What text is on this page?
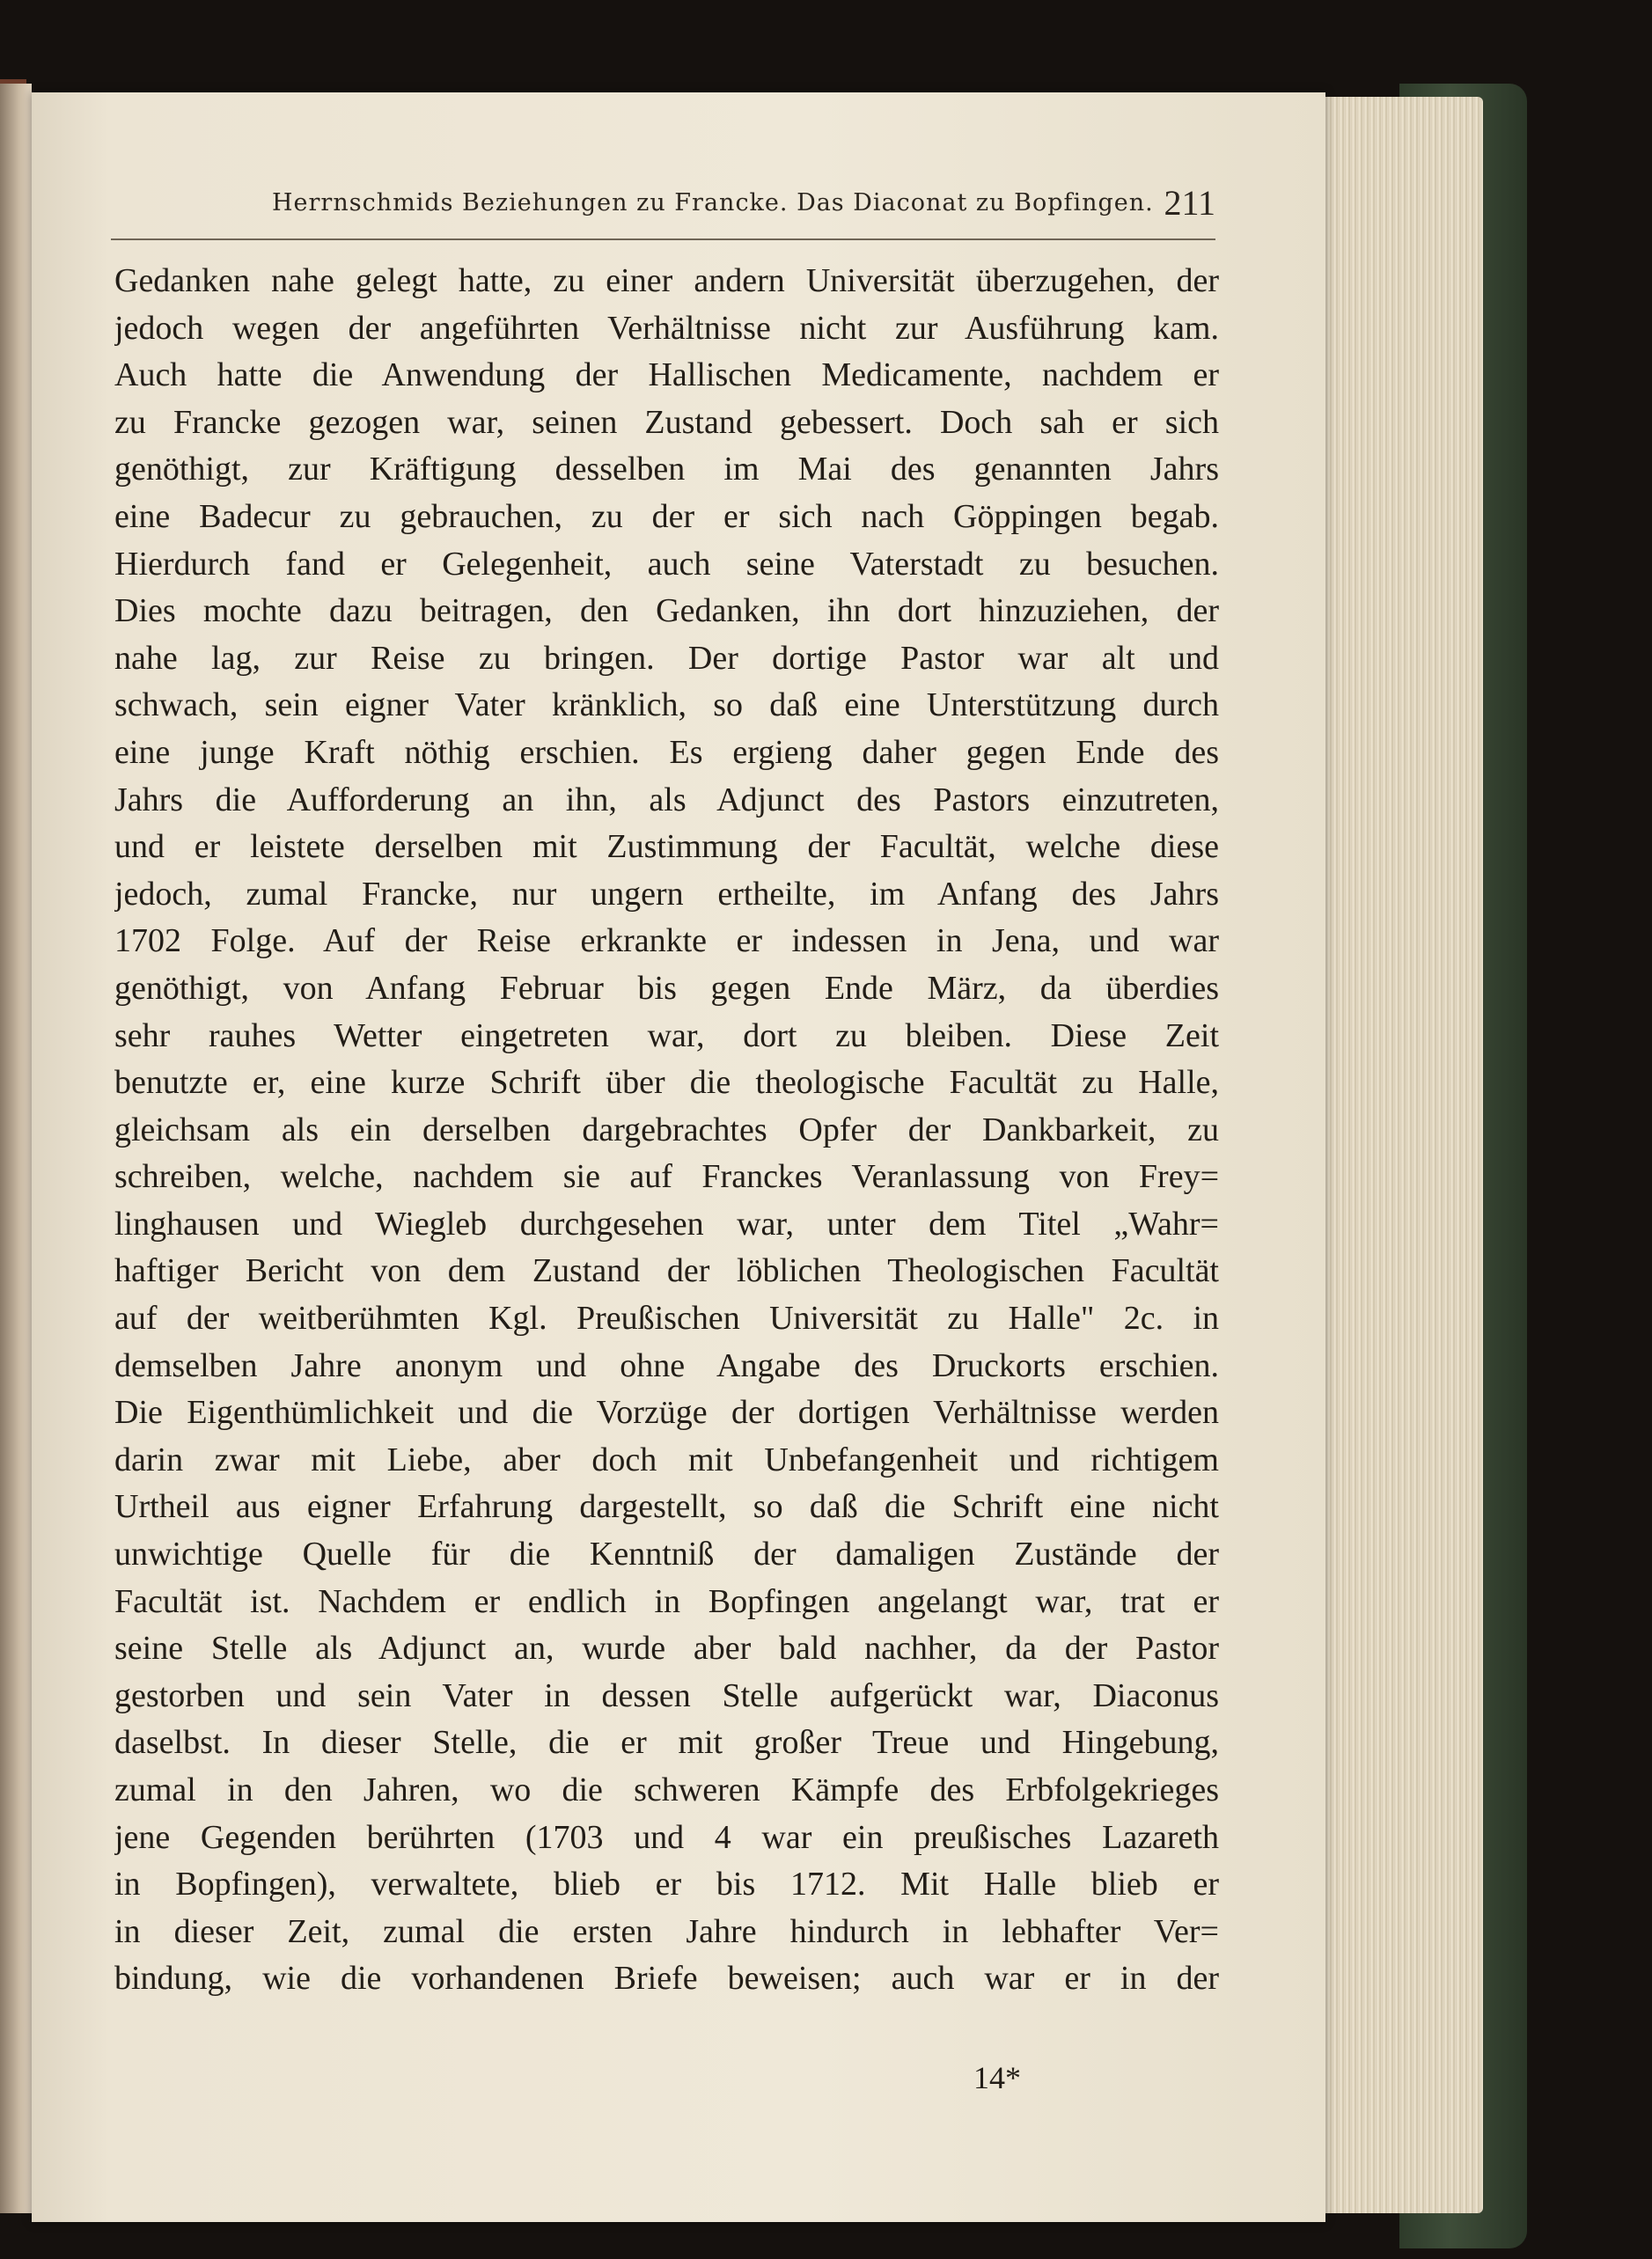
Herrnschmids Beziehungen zu Francke. Das Diaconat zu Bopfingen. 211
Gedanken nahe gelegt hatte, zu einer andern Universität überzugehen, der
jedoch wegen der angeführten Verhältnisse nicht zur Ausführung kam.
Auch hatte die Anwendung der Hallischen Medicamente, nachdem er
zu Francke gezogen war, seinen Zustand gebessert. Doch sah er sich
genöthigt, zur Kräftigung desselben im Mai des genannten Jahrs
eine Badecur zu gebrauchen, zu der er sich nach Göppingen begab.
Hierdurch fand er Gelegenheit, auch seine Vaterstadt zu besuchen.
Dies mochte dazu beitragen, den Gedanken, ihn dort hinzuziehen, der
nahe lag, zur Reise zu bringen. Der dortige Pastor war alt und
schwach, sein eigner Vater kränklich, so daß eine Unterstützung durch
eine junge Kraft nöthig erschien. Es ergieng daher gegen Ende des
Jahrs die Aufforderung an ihn, als Adjunct des Pastors einzutreten,
und er leistete derselben mit Zustimmung der Facultät, welche diese
jedoch, zumal Francke, nur ungern ertheilte, im Anfang des Jahrs
1702 Folge. Auf der Reise erkrankte er indessen in Jena, und war
genöthigt, von Anfang Februar bis gegen Ende März, da überdies
sehr rauhes Wetter eingetreten war, dort zu bleiben. Diese Zeit
benutzte er, eine kurze Schrift über die theologische Facultät zu Halle,
gleichsam als ein derselben dargebrachtes Opfer der Dankbarkeit, zu
schreiben, welche, nachdem sie auf Franckes Veranlassung von Frey=
linghausen und Wiegleb durchgesehen war, unter dem Titel „Wahr=
haftiger Bericht von dem Zustand der löblichen Theologischen Facultät
auf der weitberühmten Kgl. Preußischen Universität zu Halle" 2c. in
demselben Jahre anonym und ohne Angabe des Druckorts erschien.
Die Eigenthümlichkeit und die Vorzüge der dortigen Verhältnisse werden
darin zwar mit Liebe, aber doch mit Unbefangenheit und richtigem
Urtheil aus eigner Erfahrung dargestellt, so daß die Schrift eine nicht
unwichtige Quelle für die Kenntniß der damaligen Zustände der
Facultät ist. Nachdem er endlich in Bopfingen angelangt war, trat er
seine Stelle als Adjunct an, wurde aber bald nachher, da der Pastor
gestorben und sein Vater in dessen Stelle aufgerückt war, Diaconus
daselbst. In dieser Stelle, die er mit großer Treue und Hingebung,
zumal in den Jahren, wo die schweren Kämpfe des Erbfolgekrieges
jene Gegenden berührten (1703 und 4 war ein preußisches Lazareth
in Bopfingen), verwaltete, blieb er bis 1712. Mit Halle blieb er
in dieser Zeit, zumal die ersten Jahre hindurch in lebhafter Ver=
bindung, wie die vorhandenen Briefe beweisen; auch war er in der
14*
